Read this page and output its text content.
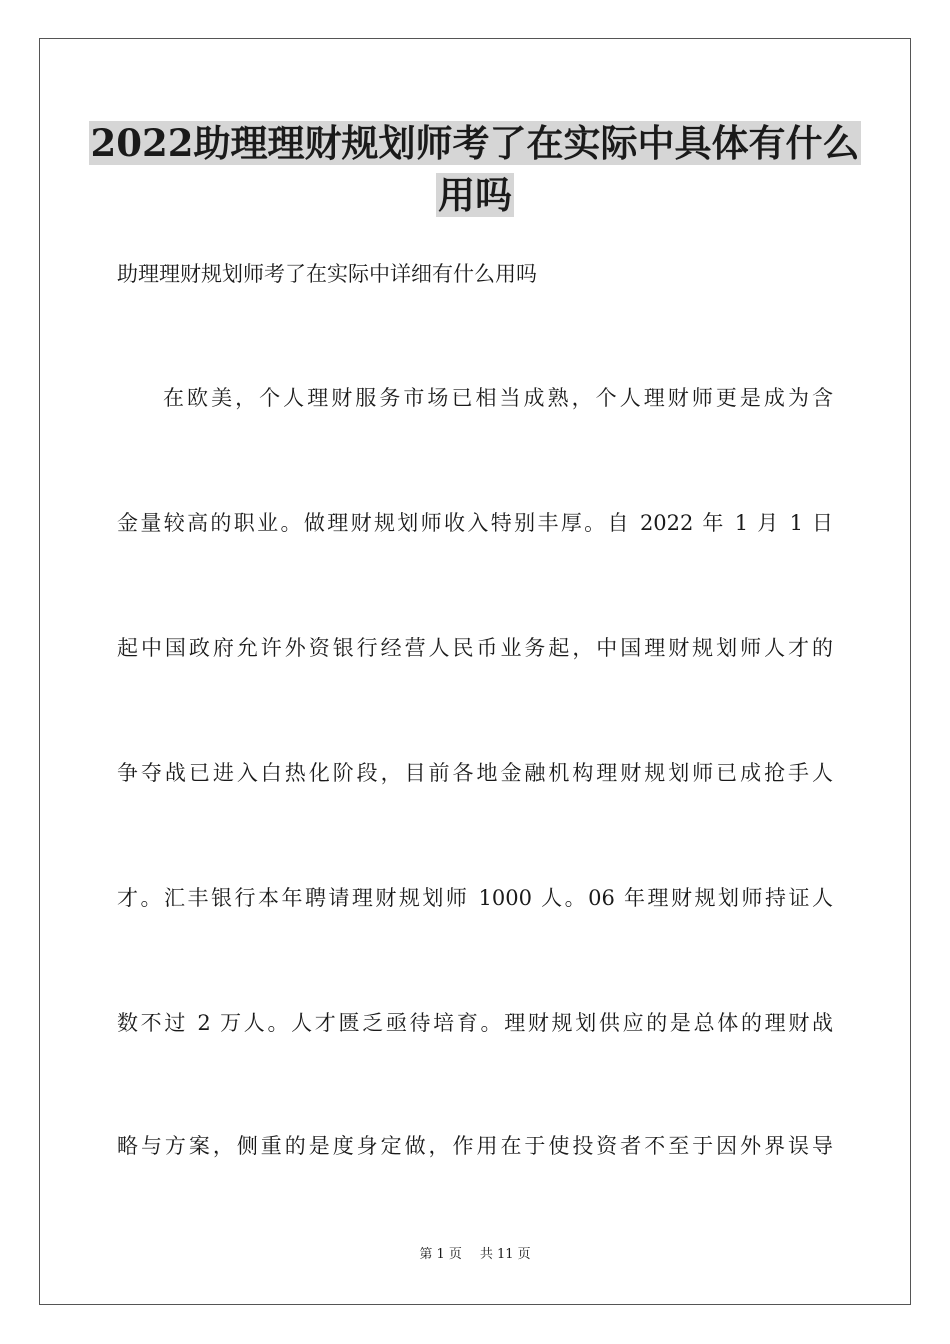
2022助理理财规划师考了在实际中具体有什么
用吗

助理理财规划师考了在实际中详细有什么用吗

在欧美，个人理财服务市场已相当成熟，个人理财师更是成为含

金量较高的职业。做理财规划师收入特别丰厚。自 2022 年 1 月 1 日

起中国政府允许外资银行经营人民币业务起，中国理财规划师人才的

争夺战已进入白热化阶段，目前各地金融机构理财规划师已成抢手人

才。汇丰银行本年聘请理财规划师 1000 人。06 年理财规划师持证人

数不过 2 万人。人才匮乏亟待培育。理财规划供应的是总体的理财战

略与方案，侧重的是度身定做，作用在于使投资者不至于因外界误导

第 1 页 共 11 页
